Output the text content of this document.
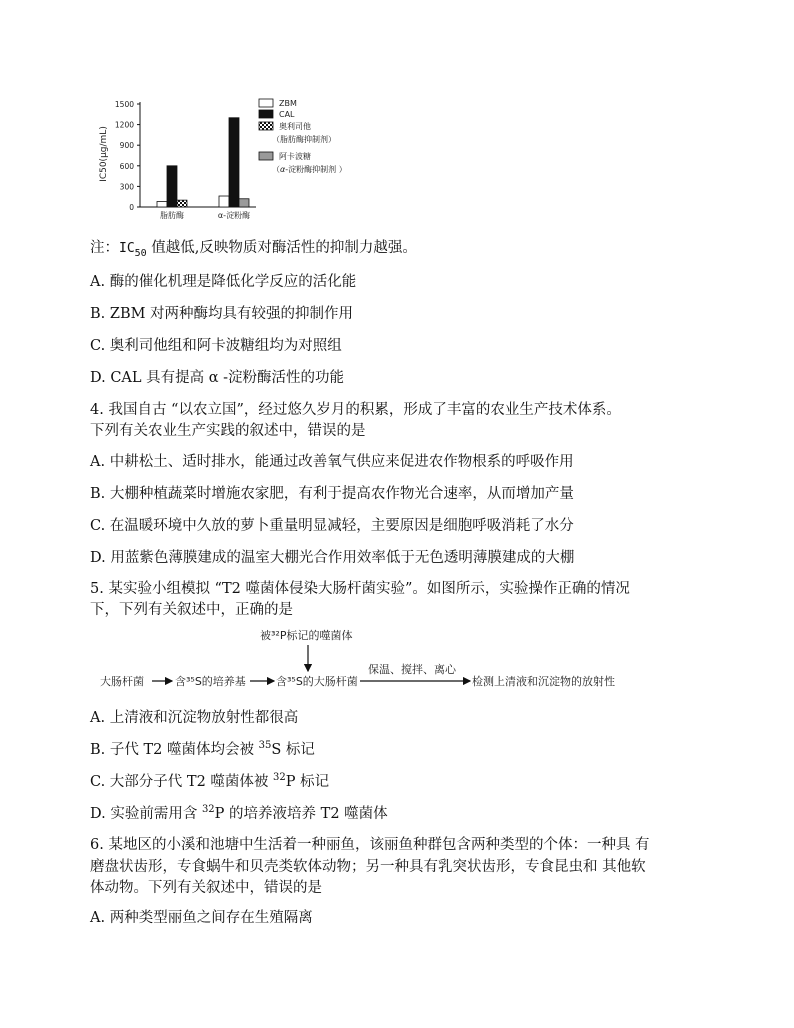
IC50(μg/mL)
0
300
600
900
1200
1500
脂肪酶	α-淀粉酶
ZBM
CAL
奥利司他
（脂肪酶抑制剂）
阿卡波糖
（α-淀粉酶抑制剂 ）
注：$IC_{50}$ 值越低,反映物质对酶活性的抑制力越强。
A. 酶的催化机理是降低化学反应的活化能
B. ZBM 对两种酶均具有较强的抑制作用
C. 奥利司他组和阿卡波糖组均为对照组
D. CAL 具有提高 α -淀粉酶活性的功能
4. 我国自古 “以农立国”，经过悠久岁月的积累，形成了丰富的农业生产技术体系。
下列有关农业生产实践的叙述中，错误的是
A. 中耕松土、适时排水，能通过改善氧气供应来促进农作物根系的呼吸作用
B. 大棚种植蔬菜时增施农家肥，有利于提高农作物光合速率，从而增加产量
C. 在温暖环境中久放的萝卜重量明显减轻，主要原因是细胞呼吸消耗了水分
D. 用蓝紫色薄膜建成的温室大棚光合作用效率低于无色透明薄膜建成的大棚
5. 某实验小组模拟 “T2 噬菌体侵染大肠杆菌实验”。如图所示，实验操作正确的情况
下，下列有关叙述中，正确的是
被³²P标记的噬菌体
大肠杆菌	含³⁵S的培养基	含³⁵S的大肠杆菌
保温、搅拌、离心
检测上清液和沉淀物的放射性
A. 上清液和沉淀物放射性都很高
B. 子代 T2 噬菌体均会被 $^{35}$S 标记
C. 大部分子代 T2 噬菌体被 $^{32}$P 标记
D. 实验前需用含 $^{32}$P 的培养液培养 T2 噬菌体
6. 某地区的小溪和池塘中生活着一种丽鱼，该丽鱼种群包含两种类型的个体：一种具 有
磨盘状齿形，专食蜗牛和贝壳类软体动物；另一种具有乳突状齿形，专食昆虫和 其他软
体动物。下列有关叙述中，错误的是
A. 两种类型丽鱼之间存在生殖隔离
